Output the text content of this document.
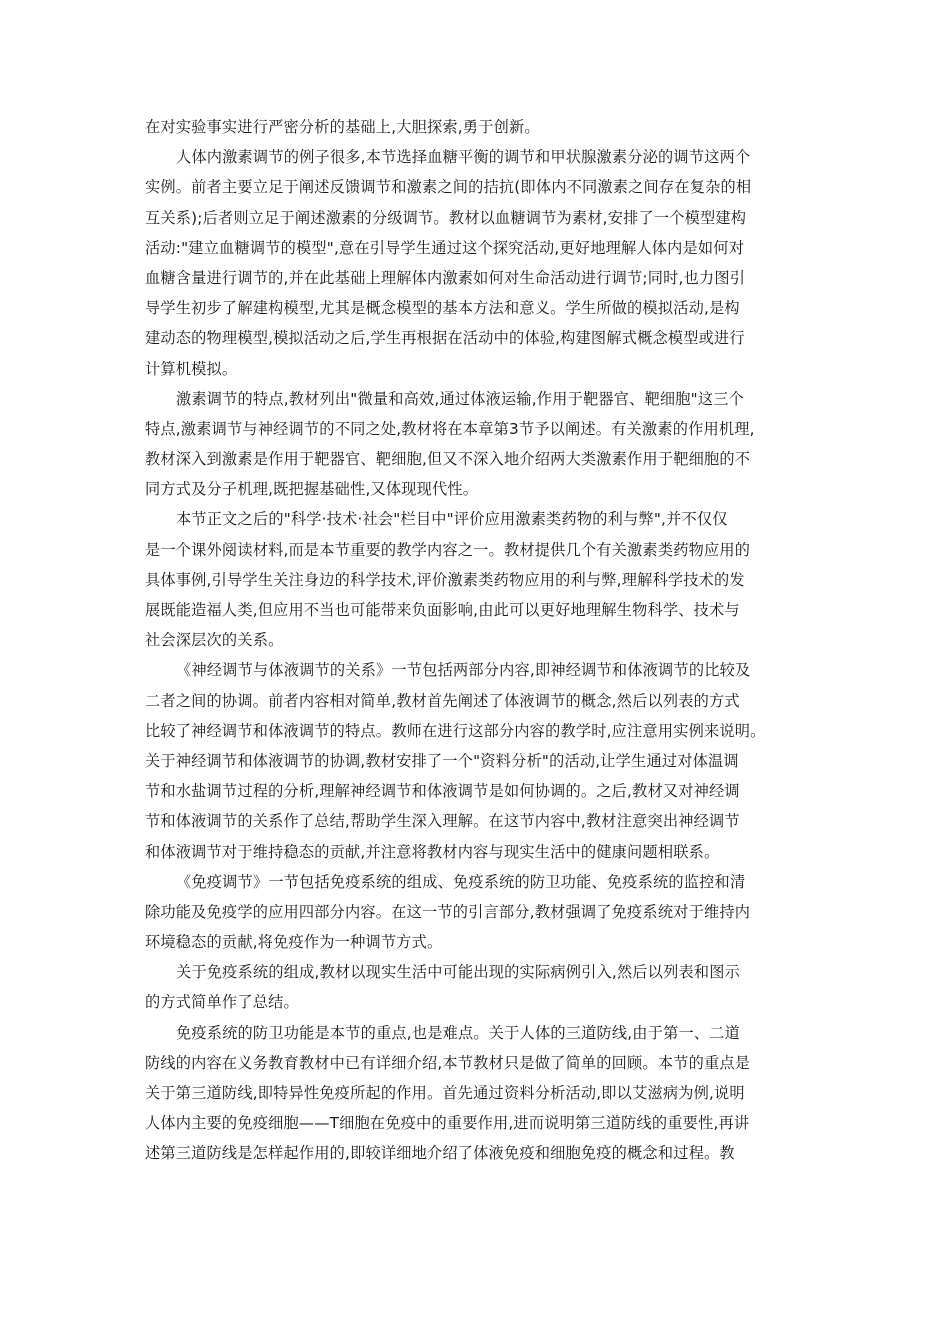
在对实验事实进行严密分析的基础上,大胆探索,勇于创新。
人体内激素调节的例子很多,本节选择血糖平衡的调节和甲状腺激素分泌的调节这两个
实例。前者主要立足于阐述反馈调节和激素之间的拮抗(即体内不同激素之间存在复杂的相
互关系);后者则立足于阐述激素的分级调节。教材以血糖调节为素材,安排了一个模型建构
活动:"建立血糖调节的模型",意在引导学生通过这个探究活动,更好地理解人体内是如何对
血糖含量进行调节的,并在此基础上理解体内激素如何对生命活动进行调节;同时,也力图引
导学生初步了解建构模型,尤其是概念模型的基本方法和意义。学生所做的模拟活动,是构
建动态的物理模型,模拟活动之后,学生再根据在活动中的体验,构建图解式概念模型或进行
计算机模拟。
激素调节的特点,教材列出"微量和高效,通过体液运输,作用于靶器官、靶细胞"这三个
特点,激素调节与神经调节的不同之处,教材将在本章第3节予以阐述。有关激素的作用机理,
教材深入到激素是作用于靶器官、靶细胞,但又不深入地介绍两大类激素作用于靶细胞的不
同方式及分子机理,既把握基础性,又体现现代性。
本节正文之后的"科学·技术·社会"栏目中"评价应用激素类药物的利与弊",并不仅仅
是一个课外阅读材料,而是本节重要的教学内容之一。教材提供几个有关激素类药物应用的
具体事例,引导学生关注身边的科学技术,评价激素类药物应用的利与弊,理解科学技术的发
展既能造福人类,但应用不当也可能带来负面影响,由此可以更好地理解生物科学、技术与
社会深层次的关系。
《神经调节与体液调节的关系》一节包括两部分内容,即神经调节和体液调节的比较及
二者之间的协调。前者内容相对简单,教材首先阐述了体液调节的概念,然后以列表的方式
比较了神经调节和体液调节的特点。教师在进行这部分内容的教学时,应注意用实例来说明。
关于神经调节和体液调节的协调,教材安排了一个"资料分析"的活动,让学生通过对体温调
节和水盐调节过程的分析,理解神经调节和体液调节是如何协调的。之后,教材又对神经调
节和体液调节的关系作了总结,帮助学生深入理解。在这节内容中,教材注意突出神经调节
和体液调节对于维持稳态的贡献,并注意将教材内容与现实生活中的健康问题相联系。
《免疫调节》一节包括免疫系统的组成、免疫系统的防卫功能、免疫系统的监控和清
除功能及免疫学的应用四部分内容。在这一节的引言部分,教材强调了免疫系统对于维持内
环境稳态的贡献,将免疫作为一种调节方式。
关于免疫系统的组成,教材以现实生活中可能出现的实际病例引入,然后以列表和图示
的方式简单作了总结。
免疫系统的防卫功能是本节的重点,也是难点。关于人体的三道防线,由于第一、二道
防线的内容在义务教育教材中已有详细介绍,本节教材只是做了简单的回顾。本节的重点是
关于第三道防线,即特异性免疫所起的作用。首先通过资料分析活动,即以艾滋病为例,说明
人体内主要的免疫细胞——T细胞在免疫中的重要作用,进而说明第三道防线的重要性,再讲
述第三道防线是怎样起作用的,即较详细地介绍了体液免疫和细胞免疫的概念和过程。教
